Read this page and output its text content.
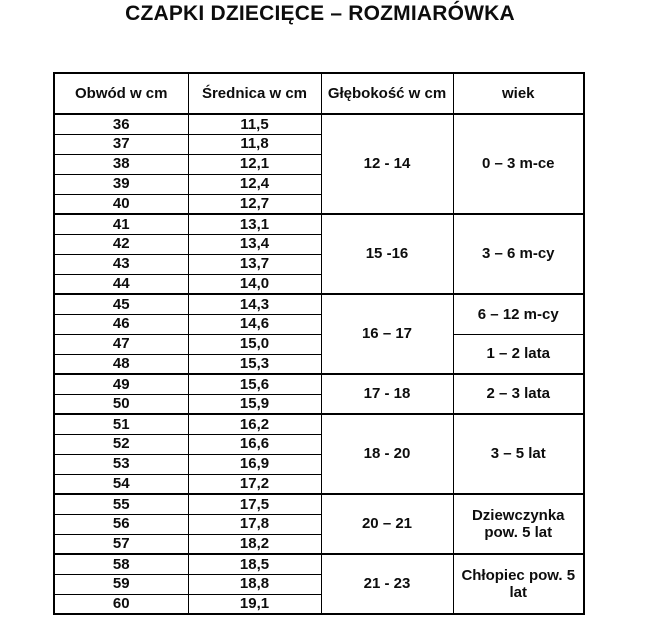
CZAPKI DZIECIĘCE – ROZMIARÓWKA
Obwód w cm	Średnica w cm	Głębokość w cm	wiek
36	11,5	12 - 14	0 – 3 m-ce
37	11,8		
38	12,1		
39	12,4		
40	12,7		
41	13,1	15 -16	3 – 6 m-cy
42	13,4		
43	13,7		
44	14,0		
45	14,3	16 – 17	6 – 12 m-cy
46	14,6		
47	15,0		1 – 2 lata
48	15,3		
49	15,6	17 - 18	2 – 3 lata
50	15,9		
51	16,2	18 - 20	3 – 5 lat
52	16,6		
53	16,9		
54	17,2		
55	17,5	20 – 21	Dziewczynka pow. 5 lat
56	17,8		
57	18,2		
58	18,5	21 - 23	Chłopiec pow. 5 lat
59	18,8		
60	19,1		
